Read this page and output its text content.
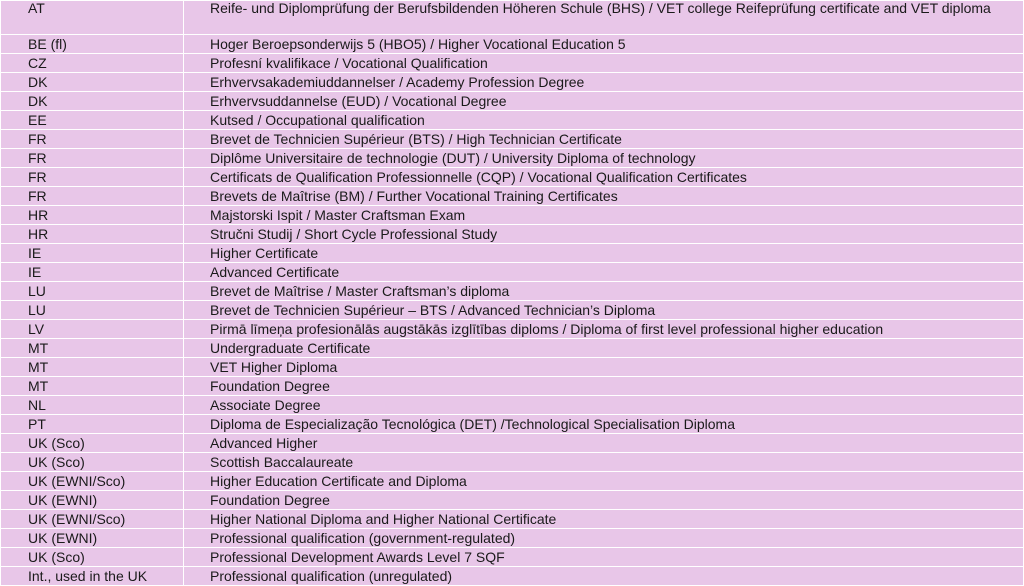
AT	Reife- und Diplomprüfung der Berufsbildenden Höheren Schule (BHS) / VET college Reifeprüfung certificate and VET diploma
BE (fl)	Hoger Beroepsonderwijs 5 (HBO5) / Higher Vocational Education 5
CZ	Profesní kvalifikace / Vocational Qualification
DK	Erhvervsakademiuddannelser / Academy Profession Degree
DK	Erhvervsuddannelse (EUD) / Vocational Degree
EE	Kutsed / Occupational qualification
FR	Brevet de Technicien Supérieur (BTS) / High Technician Certificate
FR	Diplôme Universitaire de technologie (DUT) / University Diploma of technology
FR	Certificats de Qualification Professionnelle (CQP) / Vocational Qualification Certificates
FR	Brevets de Maîtrise (BM) / Further Vocational Training Certificates
HR	Majstorski Ispit / Master Craftsman Exam
HR	Stručni Studij / Short Cycle Professional Study
IE	Higher Certificate
IE	Advanced Certificate
LU	Brevet de Maîtrise / Master Craftsman’s diploma
LU	Brevet de Technicien Supérieur – BTS / Advanced Technician’s Diploma
LV	Pirmā līmeņa profesionālās augstākās izglītības diploms / Diploma of first level professional higher education
MT	Undergraduate Certificate
MT	VET Higher Diploma
MT	Foundation Degree
NL	Associate Degree
PT	Diploma de Especialização Tecnológica (DET) /Technological Specialisation Diploma
UK (Sco)	Advanced Higher
UK (Sco)	Scottish Baccalaureate
UK (EWNI/Sco)	Higher Education Certificate and Diploma
UK (EWNI)	Foundation Degree
UK (EWNI/Sco)	Higher National Diploma and Higher National Certificate
UK (EWNI)	Professional qualification (government-regulated)
UK (Sco)	Professional Development Awards Level 7 SQF
Int., used in the UK	Professional qualification (unregulated)
